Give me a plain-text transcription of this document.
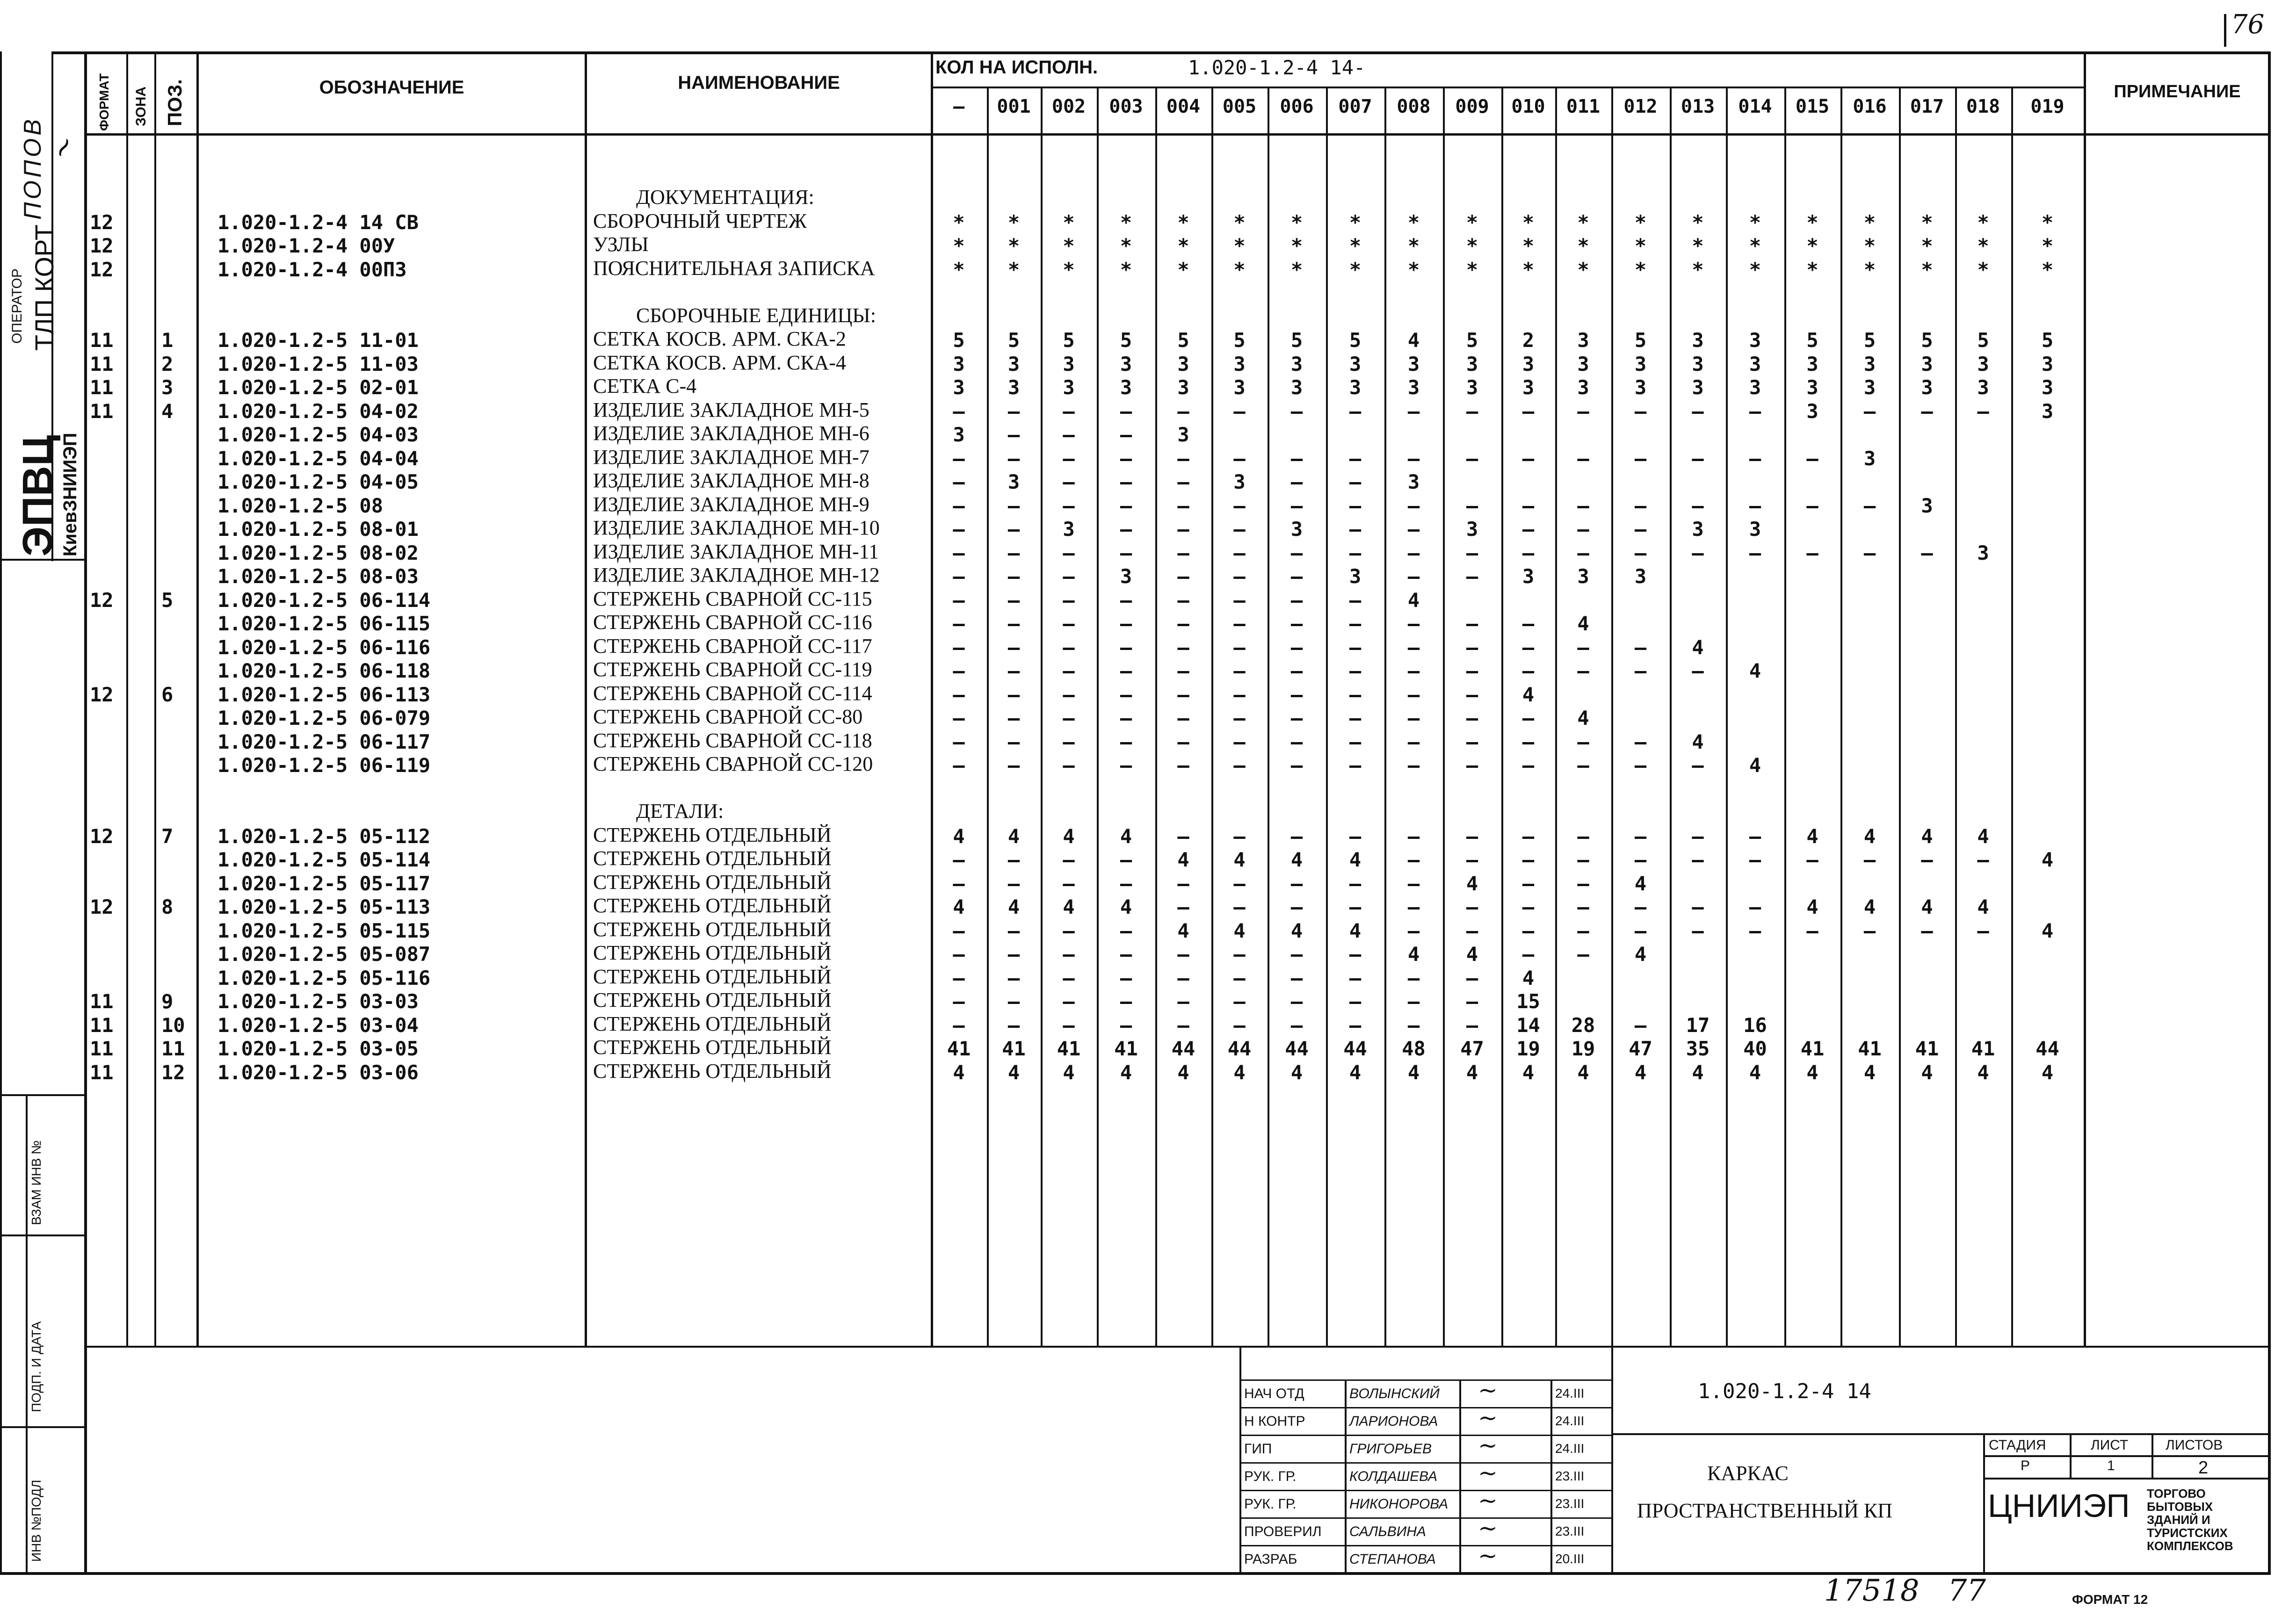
76
ПОПОВ
ОПЕРАТОР ТЛП КОРТ
ЭПВЦ
КиевЗНИИЭП
ВЗАМ ИНВ №
ПОДП. И ДАТА
ИНВ №ПОДЛ
~
ФОРМАТ ЗОНА ПОЗ.	ОБОЗНАЧЕНИЕ	НАИМЕНОВАНИЕ
КОЛ НА ИСПОЛН.	1.020-1.2-4 14-
ПРИМЕЧАНИЕ
—	001	002	003	004	005	006	007	008	009	010	011	012	013	014	015	016	017	018	019
ДОКУМЕНТАЦИЯ:
12	1.020-1.2-4 14 СВ	СБОРОЧНЫЙ ЧЕРТЕЖ	*	*	*	*	*	*	*	*	*	*	*	*	*	*	*	*	*	*	*	*
12	1.020-1.2-4 00У	УЗЛЫ	*	*	*	*	*	*	*	*	*	*	*	*	*	*	*	*	*	*	*	*
12	1.020-1.2-4 00ПЗ	ПОЯСНИТЕЛЬНАЯ ЗАПИСКА	*	*	*	*	*	*	*	*	*	*	*	*	*	*	*	*	*	*	*	*
СБОРОЧНЫЕ ЕДИНИЦЫ:
11 1 1.020-1.2-5 11-01	СЕТКА КОСВ. АРМ. СКА-2	5	5	5	5	5	5	5	5	4	5	2	3	5	3	3	5	5	5	5	5
11 2 1.020-1.2-5 11-03	СЕТКА КОСВ. АРМ. СКА-4	3	3	3	3	3	3	3	3	3	3	3	3	3	3	3	3	3	3	3	3
11 3 1.020-1.2-5 02-01	СЕТКА С-4	3	3	3	3	3	3	3	3	3	3	3	3	3	3	3	3	3	3	3	3
11 4 1.020-1.2-5 04-02	ИЗДЕЛИЕ ЗАКЛАДНОЕ МН-5	—	—	—	—	—	—	—	—	—	—	—	—	—	—	—	3	—	—	—	3
1.020-1.2-5 04-03	ИЗДЕЛИЕ ЗАКЛАДНОЕ МН-6	3	—	—	—	3
1.020-1.2-5 04-04	ИЗДЕЛИЕ ЗАКЛАДНОЕ МН-7	—	—	—	—	—	—	—	—	—	—	—	—	—	—	—	—	3
1.020-1.2-5 04-05	ИЗДЕЛИЕ ЗАКЛАДНОЕ МН-8	—	3	—	—	—	3	—	—	3
1.020-1.2-5 08	ИЗДЕЛИЕ ЗАКЛАДНОЕ МН-9	—	—	—	—	—	—	—	—	—	—	—	—	—	—	—	—	—	3
1.020-1.2-5 08-01	ИЗДЕЛИЕ ЗАКЛАДНОЕ МН-10	—	—	3	—	—	—	3	—	—	3	—	—	—	3	3
1.020-1.2-5 08-02	ИЗДЕЛИЕ ЗАКЛАДНОЕ МН-11	—	—	—	—	—	—	—	—	—	—	—	—	—	—	—	—	—	—	3
1.020-1.2-5 08-03	ИЗДЕЛИЕ ЗАКЛАДНОЕ МН-12	—	—	—	3	—	—	—	3	—	—	3	3	3
12 5 1.020-1.2-5 06-114	СТЕРЖЕНЬ СВАРНОЙ СС-115	—	—	—	—	—	—	—	—	4
1.020-1.2-5 06-115	СТЕРЖЕНЬ СВАРНОЙ СС-116	—	—	—	—	—	—	—	—	—	—	—	4
1.020-1.2-5 06-116	СТЕРЖЕНЬ СВАРНОЙ СС-117	—	—	—	—	—	—	—	—	—	—	—	—	—	4
1.020-1.2-5 06-118	СТЕРЖЕНЬ СВАРНОЙ СС-119	—	—	—	—	—	—	—	—	—	—	—	—	—	—	4
12 6 1.020-1.2-5 06-113	СТЕРЖЕНЬ СВАРНОЙ СС-114	—	—	—	—	—	—	—	—	—	—	4
1.020-1.2-5 06-079	СТЕРЖЕНЬ СВАРНОЙ СС-80	—	—	—	—	—	—	—	—	—	—	—	4
1.020-1.2-5 06-117	СТЕРЖЕНЬ СВАРНОЙ СС-118	—	—	—	—	—	—	—	—	—	—	—	—	—	4
1.020-1.2-5 06-119	СТЕРЖЕНЬ СВАРНОЙ СС-120	—	—	—	—	—	—	—	—	—	—	—	—	—	—	4
ДЕТАЛИ:
12 7 1.020-1.2-5 05-112	СТЕРЖЕНЬ ОТДЕЛЬНЫЙ	4	4	4	4	—	—	—	—	—	—	—	—	—	—	—	4	4	4	4
1.020-1.2-5 05-114	СТЕРЖЕНЬ ОТДЕЛЬНЫЙ	—	—	—	—	4	4	4	4	—	—	—	—	—	—	—	—	—	—	—	4
1.020-1.2-5 05-117	СТЕРЖЕНЬ ОТДЕЛЬНЫЙ	—	—	—	—	—	—	—	—	—	4	—	—	4
12 8 1.020-1.2-5 05-113	СТЕРЖЕНЬ ОТДЕЛЬНЫЙ	4	4	4	4	—	—	—	—	—	—	—	—	—	—	—	4	4	4	4
1.020-1.2-5 05-115	СТЕРЖЕНЬ ОТДЕЛЬНЫЙ	—	—	—	—	4	4	4	4	—	—	—	—	—	—	—	—	—	—	—	4
1.020-1.2-5 05-087	СТЕРЖЕНЬ ОТДЕЛЬНЫЙ	—	—	—	—	—	—	—	—	4	4	—	—	4
1.020-1.2-5 05-116	СТЕРЖЕНЬ ОТДЕЛЬНЫЙ	—	—	—	—	—	—	—	—	—	—	4
11 9 1.020-1.2-5 03-03	СТЕРЖЕНЬ ОТДЕЛЬНЫЙ	—	—	—	—	—	—	—	—	—	—	15
11 10 1.020-1.2-5 03-04	СТЕРЖЕНЬ ОТДЕЛЬНЫЙ	—	—	—	—	—	—	—	—	—	—	14	28	—	17	16
11 11 1.020-1.2-5 03-05	СТЕРЖЕНЬ ОТДЕЛЬНЫЙ	41	41	41	41	44	44	44	44	48	47	19	19	47	35	40	41	41	41	41	44
11 12 1.020-1.2-5 03-06	СТЕРЖЕНЬ ОТДЕЛЬНЫЙ	4	4	4	4	4	4	4	4	4	4	4	4	4	4	4	4	4	4	4	4
НАЧ ОТД	ВОЛЫНСКИЙ ~	24.III
Н КОНТР	ЛАРИОНОВА ~	24.III
ГИП	ГРИГОРЬЕВ ~	24.III
РУК. ГР.	КОЛДАШЕВА ~	23.III
РУК. ГР.	НИКОНОРОВА ~	23.III
ПРОВЕРИЛ САЛЬВИНА ~	23.III
РАЗРАБ	СТЕПАНОВА ~	20.III
1.020-1.2-4 14
КАРКАС
ПРОСТРАНСТВЕННЫЙ КП
СТАДИЯ	ЛИСТ	ЛИСТОВ
Р	1	2
ЦНИИЭП ТОРГОВО БЫТОВЫХ ЗДАНИЙ И ТУРИСТСКИХ КОМПЛЕКСОВ
17518   77	ФОРМАТ 12
